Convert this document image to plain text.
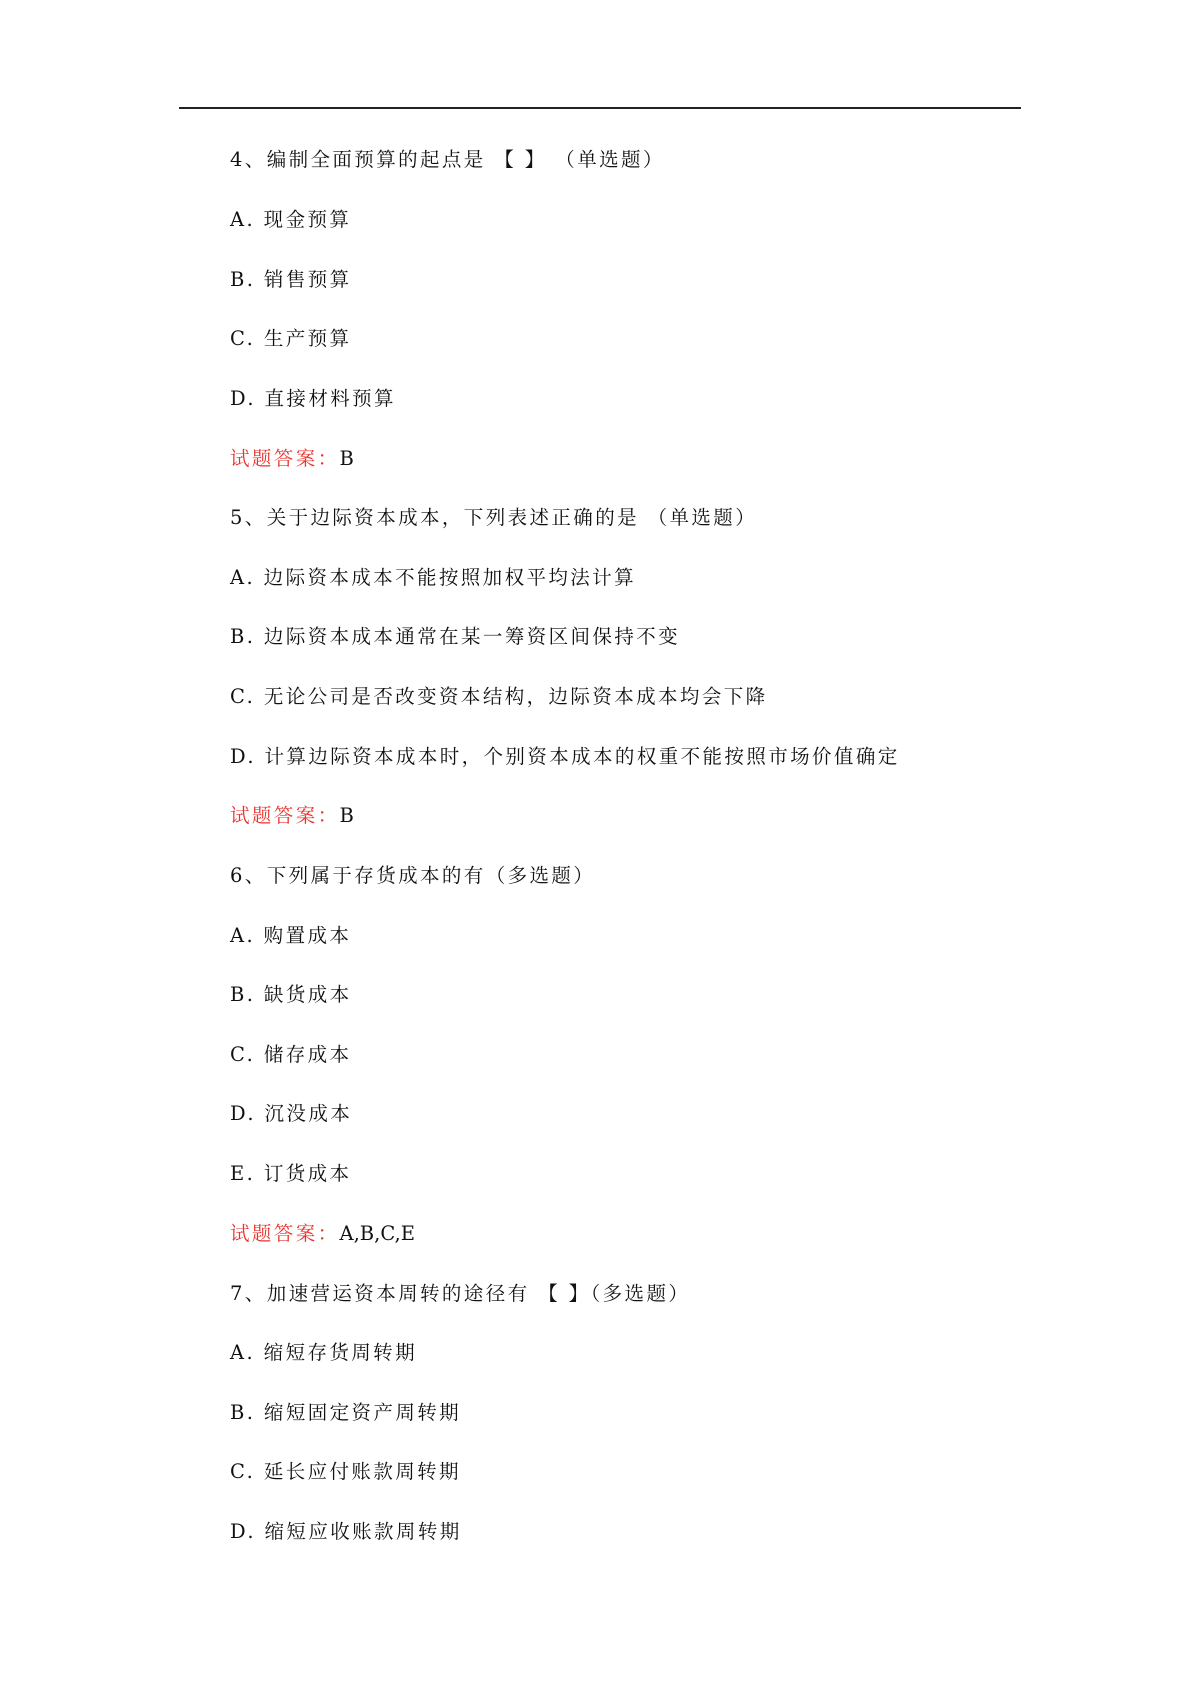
4、编制全面预算的起点是 【 】 （单选题）
A. 现金预算
B. 销售预算
C. 生产预算
D. 直接材料预算
试题答案：B
5、关于边际资本成本，下列表述正确的是 （单选题）
A. 边际资本成本不能按照加权平均法计算
B. 边际资本成本通常在某一筹资区间保持不变
C. 无论公司是否改变资本结构，边际资本成本均会下降
D. 计算边际资本成本时，个别资本成本的权重不能按照市场价值确定
试题答案：B
6、下列属于存货成本的有（多选题）
A. 购置成本
B. 缺货成本
C. 储存成本
D. 沉没成本
E. 订货成本
试题答案：A,B,C,E
7、加速营运资本周转的途径有 【 】（多选题）
A. 缩短存货周转期
B. 缩短固定资产周转期
C. 延长应付账款周转期
D. 缩短应收账款周转期
